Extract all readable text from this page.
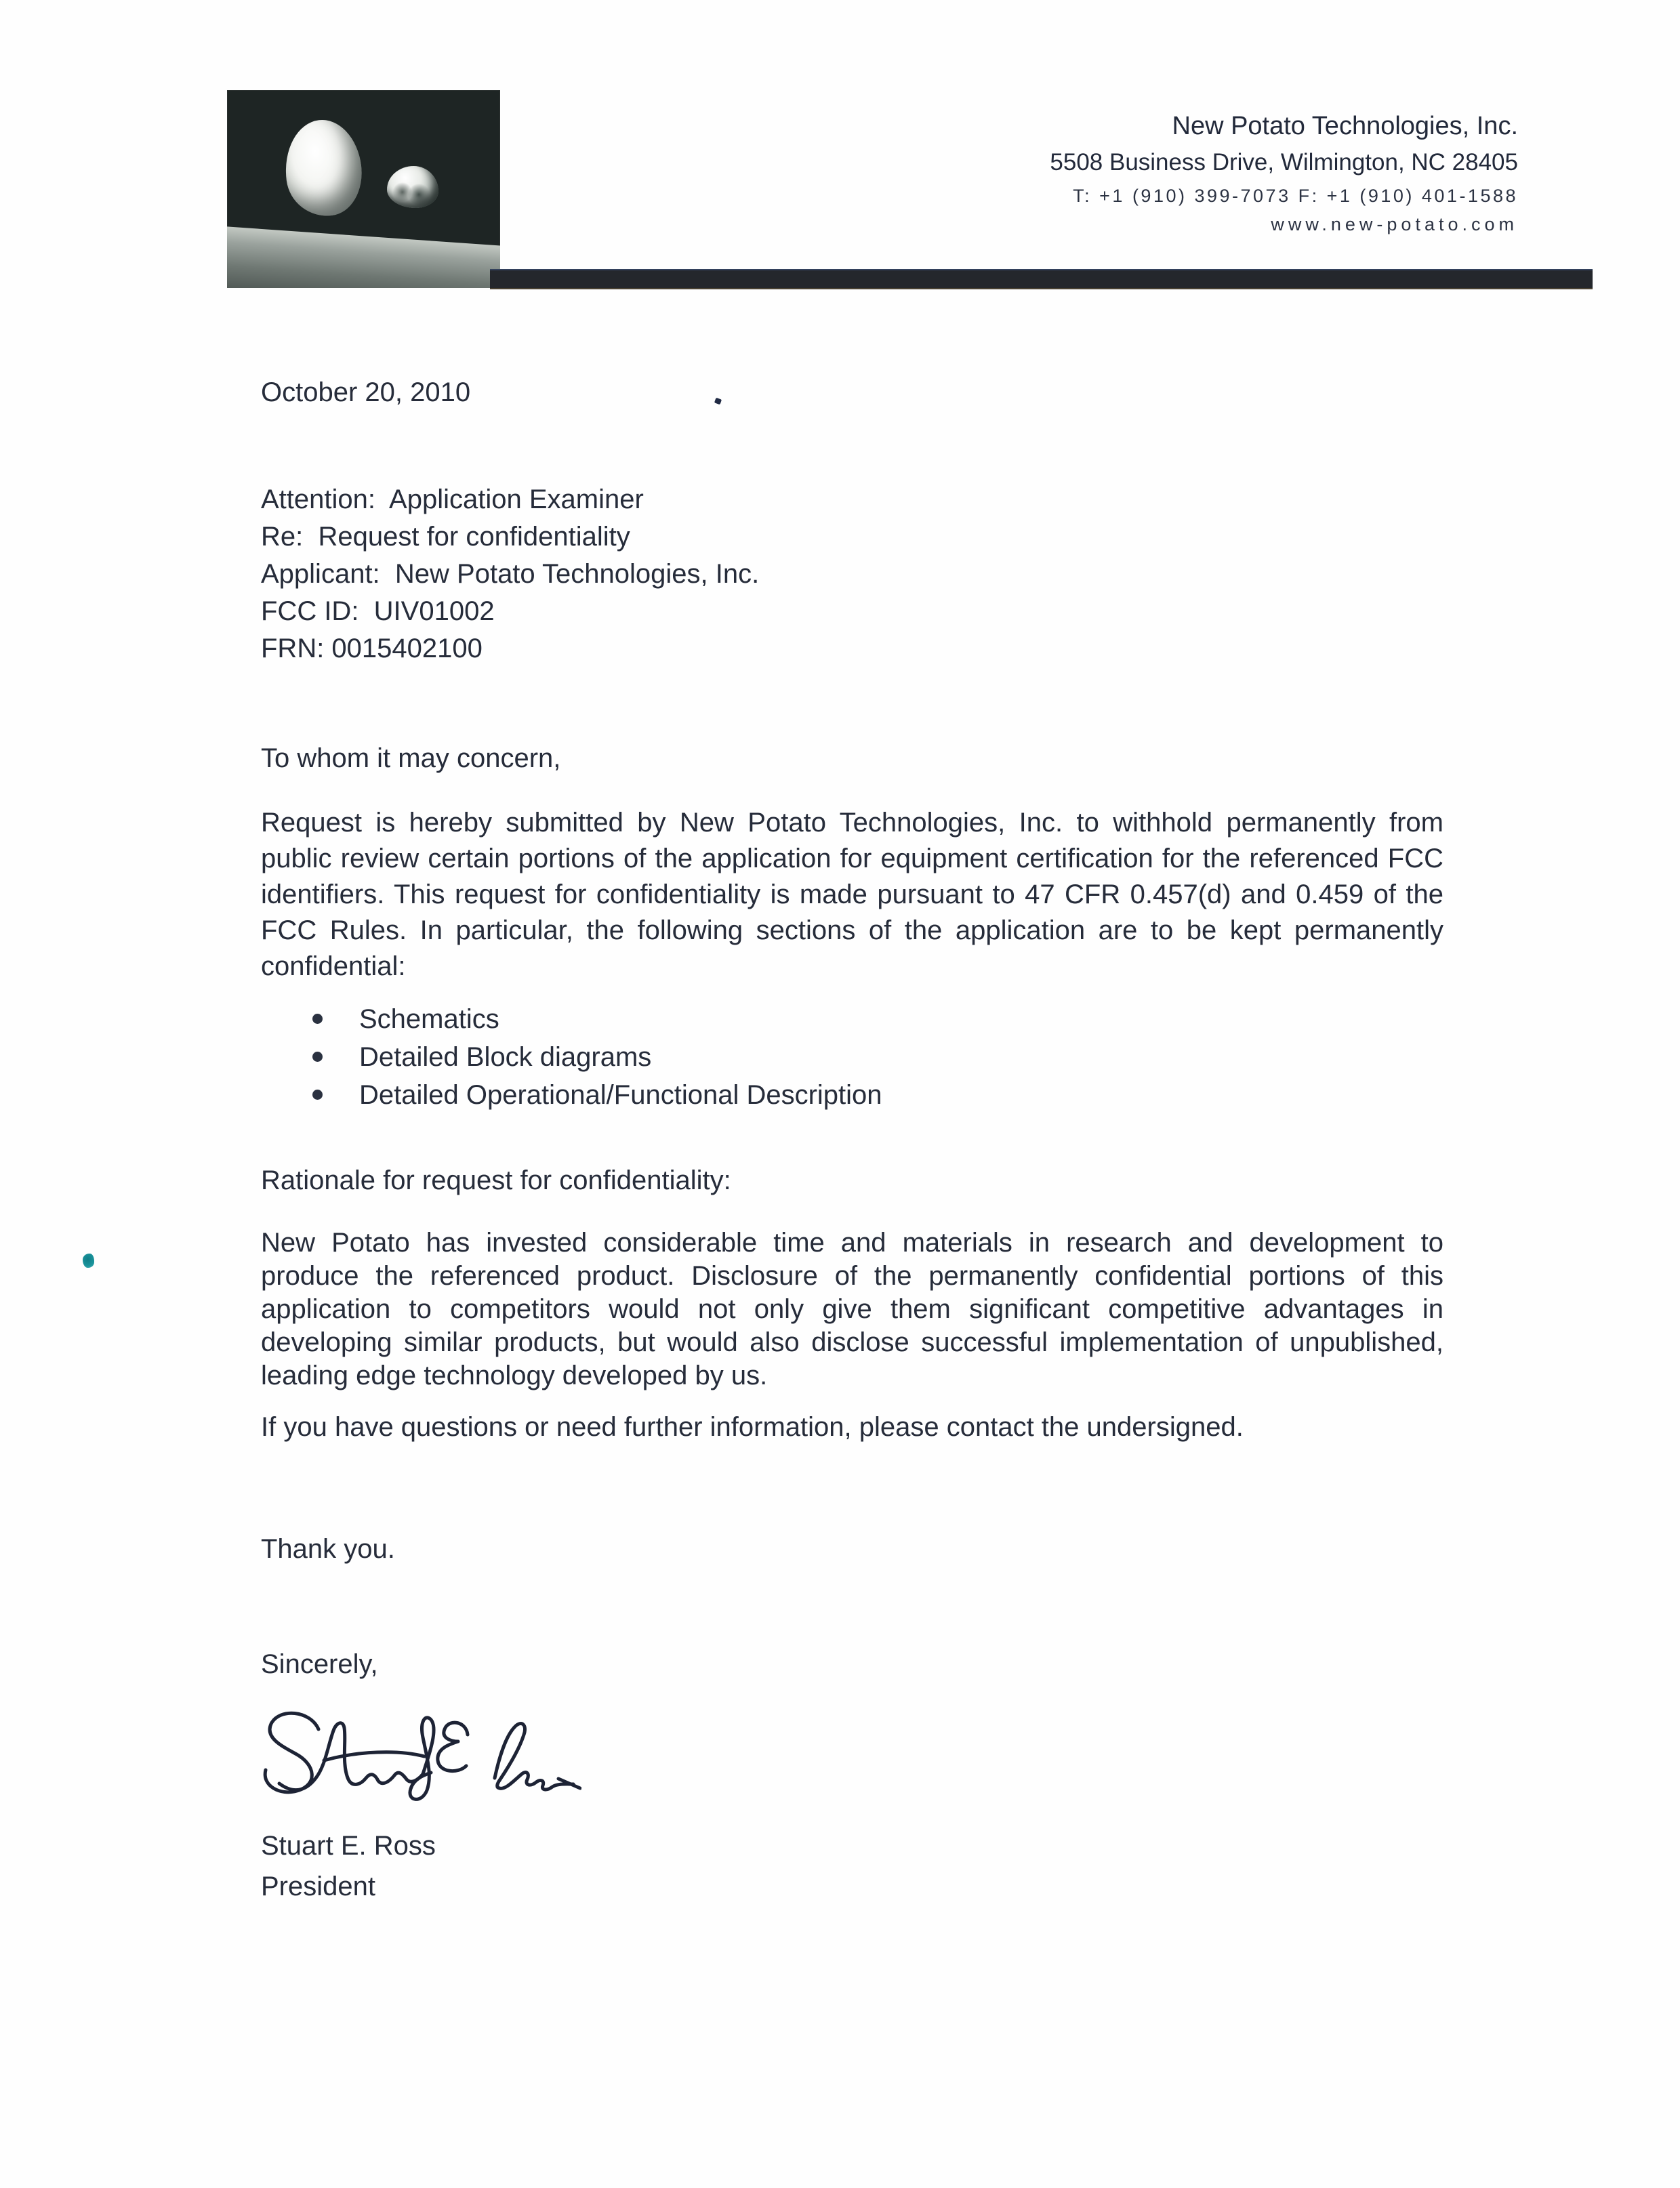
New Potato Technologies, Inc.
5508 Business Drive, Wilmington, NC 28405
T: +1 (910) 399-7073 F: +1 (910) 401-1588
www.new-potato.com
October 20, 2010
Attention:  Application Examiner
Re:  Request for confidentiality
Applicant:  New Potato Technologies, Inc.
FCC ID:  UIV01002
FRN: 0015402100
To whom it may concern,
Request is hereby submitted by New Potato Technologies, Inc. to withhold permanently from public review certain portions of the application for equipment certification for the referenced FCC identifiers. This request for confidentiality is made pursuant to 47 CFR 0.457(d) and 0.459 of the FCC Rules. In particular, the following sections of the application are to be kept permanently confidential:
Schematics
Detailed Block diagrams
Detailed Operational/Functional Description
Rationale for request for confidentiality:
New Potato has invested considerable time and materials in research and development to produce the referenced product. Disclosure of the permanently confidential portions of this application to competitors would not only give them significant competitive advantages in developing similar products, but would also disclose successful implementation of unpublished, leading edge technology developed by us.
If you have questions or need further information, please contact the undersigned.
Thank you.
Sincerely,
Stuart E. Ross
President
